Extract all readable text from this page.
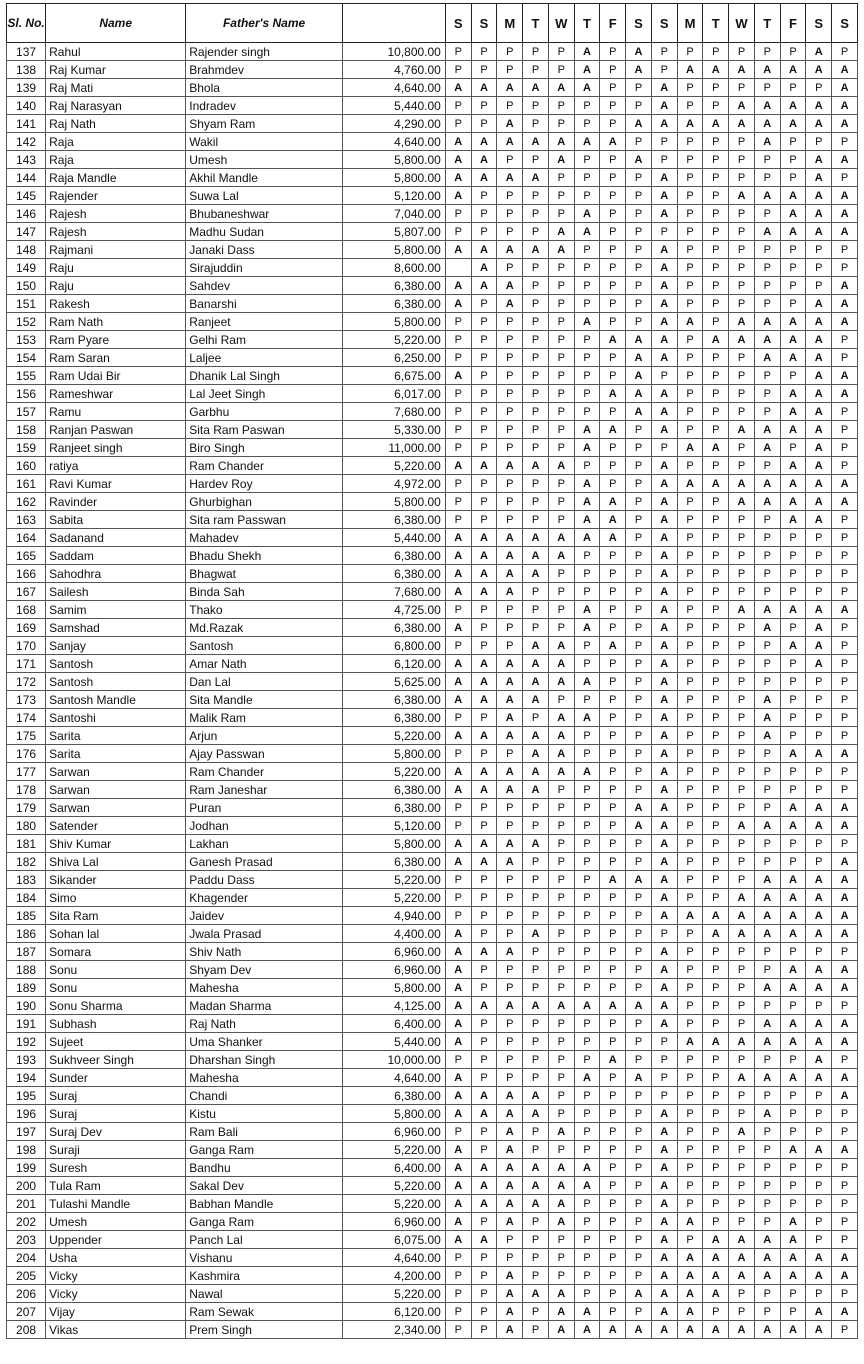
Sl. No.	Name	Father's Name		S	S	M	T	W	T	F	S	S	M	T	W	T	F	S	S
137	Rahul	Rajender singh	10,800.00	P	P	P	P	P	A	P	A	P	P	P	P	P	P	A	P
138	Raj Kumar	Brahmdev	4,760.00	P	P	P	P	P	A	P	A	P	A	A	A	A	A	A	A
139	Raj Mati	Bhola	4,640.00	A	A	A	A	A	A	P	P	A	P	P	P	P	P	P	A
140	Raj Narasyan	Indradev	5,440.00	P	P	P	P	P	P	P	P	A	P	P	A	A	A	A	A
141	Raj Nath	Shyam Ram	4,290.00	P	P	A	P	P	P	P	A	A	A	A	A	A	A	A	A
142	Raja	Wakil	4,640.00	A	A	A	A	A	A	A	P	P	P	P	P	A	P	P	P
143	Raja	Umesh	5,800.00	A	A	P	P	A	P	P	A	P	P	P	P	P	P	A	A
144	Raja Mandle	Akhil Mandle	5,800.00	A	A	A	A	P	P	P	P	A	P	P	P	P	P	A	P
145	Rajender	Suwa Lal	5,120.00	A	P	P	P	P	P	P	P	A	P	P	A	A	A	A	A
146	Rajesh	Bhubaneshwar	7,040.00	P	P	P	P	P	A	P	P	A	P	P	P	P	A	A	A
147	Rajesh	Madhu Sudan	5,807.00	P	P	P	P	A	A	P	P	P	P	P	P	A	A	A	A
148	Rajmani	Janaki Dass	5,800.00	A	A	A	A	A	P	P	P	A	P	P	P	P	P	P	P
149	Raju	Sirajuddin	8,600.00		A	P	P	P	P	P	P	A	P	P	P	P	P	P	P
150	Raju	Sahdev	6,380.00	A	A	A	P	P	P	P	P	A	P	P	P	P	P	P	A
151	Rakesh	Banarshi	6,380.00	A	P	A	P	P	P	P	P	A	P	P	P	P	P	A	A
152	Ram Nath	Ranjeet	5,800.00	P	P	P	P	P	A	P	P	A	A	P	A	A	A	A	A
153	Ram Pyare	Gelhi Ram	5,220.00	P	P	P	P	P	P	A	A	A	P	A	A	A	A	A	P
154	Ram Saran	Laljee	6,250.00	P	P	P	P	P	P	P	A	A	P	P	P	A	A	A	P
155	Ram Udai Bir	Dhanik Lal Singh	6,675.00	A	P	P	P	P	P	P	A	P	P	P	P	P	P	A	A
156	Rameshwar	Lal Jeet Singh	6,017.00	P	P	P	P	P	P	A	A	A	P	P	P	P	A	A	A
157	Ramu	Garbhu	7,680.00	P	P	P	P	P	P	P	A	A	P	P	P	P	A	A	P
158	Ranjan Paswan	Sita Ram Paswan	5,330.00	P	P	P	P	P	A	A	P	A	P	P	A	A	A	A	P
159	Ranjeet singh	Biro Singh	11,000.00	P	P	P	P	P	A	P	P	P	A	A	P	A	P	A	P
160	ratiya	Ram Chander	5,220.00	A	A	A	A	A	P	P	P	A	P	P	P	P	A	A	P
161	Ravi Kumar	Hardev Roy	4,972.00	P	P	P	P	P	A	P	P	A	A	A	A	A	A	A	A
162	Ravinder	Ghurbighan	5,800.00	P	P	P	P	P	A	A	P	A	P	P	A	A	A	A	A
163	Sabita	Sita ram Passwan	6,380.00	P	P	P	P	P	A	A	P	A	P	P	P	P	A	A	P
164	Sadanand	Mahadev	5,440.00	A	A	A	A	A	A	A	P	A	P	P	P	P	P	P	P
165	Saddam	Bhadu Shekh	6,380.00	A	A	A	A	A	P	P	P	A	P	P	P	P	P	P	P
166	Sahodhra	Bhagwat	6,380.00	A	A	A	A	P	P	P	P	A	P	P	P	P	P	P	P
167	Sailesh	Binda Sah	7,680.00	A	A	A	P	P	P	P	P	A	P	P	P	P	P	P	P
168	Samim	Thako	4,725.00	P	P	P	P	P	A	P	P	A	P	P	A	A	A	A	A
169	Samshad	Md.Razak	6,380.00	A	P	P	P	P	A	P	P	A	P	P	P	A	P	A	P
170	Sanjay	Santosh	6,800.00	P	P	P	A	A	P	A	P	A	P	P	P	P	A	A	P
171	Santosh	Amar Nath	6,120.00	A	A	A	A	A	P	P	P	A	P	P	P	P	P	A	P
172	Santosh	Dan Lal	5,625.00	A	A	A	A	A	A	P	P	A	P	P	P	P	P	P	P
173	Santosh Mandle	Sita Mandle	6,380.00	A	A	A	A	P	P	P	P	A	P	P	P	A	P	P	P
174	Santoshi	Malik Ram	6,380.00	P	P	A	P	A	A	P	P	A	P	P	P	A	P	P	P
175	Sarita	Arjun	5,220.00	A	A	A	A	A	P	P	P	A	P	P	P	A	P	P	P
176	Sarita	Ajay Passwan	5,800.00	P	P	P	A	A	P	P	P	A	P	P	P	P	A	A	A
177	Sarwan	Ram Chander	5,220.00	A	A	A	A	A	A	P	P	A	P	P	P	P	P	P	P
178	Sarwan	Ram Janeshar	6,380.00	A	A	A	A	P	P	P	P	A	P	P	P	P	P	P	P
179	Sarwan	Puran	6,380.00	P	P	P	P	P	P	P	A	A	P	P	P	P	A	A	A
180	Satender	Jodhan	5,120.00	P	P	P	P	P	P	P	A	A	P	P	A	A	A	A	A
181	Shiv Kumar	Lakhan	5,800.00	A	A	A	A	P	P	P	P	A	P	P	P	P	P	P	P
182	Shiva Lal	Ganesh Prasad	6,380.00	A	A	A	P	P	P	P	P	A	P	P	P	P	P	P	A
183	Sikander	Paddu Dass	5,220.00	P	P	P	P	P	P	A	A	A	P	P	P	A	A	A	A
184	Simo	Khagender	5,220.00	P	P	P	P	P	P	P	P	A	P	P	A	A	A	A	A
185	Sita Ram	Jaidev	4,940.00	P	P	P	P	P	P	P	P	A	A	A	A	A	A	A	A
186	Sohan lal	Jwala Prasad	4,400.00	A	P	P	A	P	P	P	P	P	P	A	A	A	A	A	A
187	Somara	Shiv Nath	6,960.00	A	A	A	P	P	P	P	P	A	P	P	P	P	P	P	P
188	Sonu	Shyam Dev	6,960.00	A	P	P	P	P	P	P	P	A	P	P	P	P	A	A	A
189	Sonu	Mahesha	5,800.00	A	P	P	P	P	P	P	P	A	P	P	P	A	A	A	A
190	Sonu Sharma	Madan Sharma	4,125.00	A	A	A	A	A	A	A	A	A	P	P	P	P	P	P	P
191	Subhash	Raj Nath	6,400.00	A	P	P	P	P	P	P	P	A	P	P	P	A	A	A	A
192	Sujeet	Uma Shanker	5,440.00	A	P	P	P	P	P	P	P	P	A	A	A	A	A	A	A
193	Sukhveer Singh	Dharshan Singh	10,000.00	P	P	P	P	P	P	A	P	P	P	P	P	P	P	A	P
194	Sunder	Mahesha	4,640.00	A	P	P	P	P	A	P	A	P	P	P	A	A	A	A	A
195	Suraj	Chandi	6,380.00	A	A	A	A	P	P	P	P	P	P	P	P	P	P	P	A
196	Suraj	Kistu	5,800.00	A	A	A	A	P	P	P	P	A	P	P	P	A	P	P	P
197	Suraj Dev	Ram Bali	6,960.00	P	P	A	P	A	P	P	P	A	P	P	A	P	P	P	P
198	Suraji	Ganga Ram	5,220.00	A	P	A	P	P	P	P	P	A	P	P	P	P	A	A	A
199	Suresh	Bandhu	6,400.00	A	A	A	A	A	A	P	P	A	P	P	P	P	P	P	P
200	Tula Ram	Sakal Dev	5,220.00	A	A	A	A	A	A	P	P	A	P	P	P	P	P	P	P
201	Tulashi Mandle	Babhan Mandle	5,220.00	A	A	A	A	A	P	P	P	A	P	P	P	P	P	P	P
202	Umesh	Ganga Ram	6,960.00	A	P	A	P	A	P	P	P	A	A	P	P	P	A	P	P
203	Uppender	Panch Lal	6,075.00	A	A	P	P	P	P	P	P	A	P	A	A	A	A	P	P
204	Usha	Vishanu	4,640.00	P	P	P	P	P	P	P	P	A	A	A	A	A	A	A	A
205	Vicky	Kashmira	4,200.00	P	P	A	P	P	P	P	P	A	A	A	A	A	A	A	A
206	Vicky	Nawal	5,220.00	P	P	A	A	A	P	P	A	A	A	A	P	P	P	P	P
207	Vijay	Ram Sewak	6,120.00	P	P	A	P	A	A	P	P	A	A	P	P	P	P	A	A
208	Vikas	Prem Singh	2,340.00	P	P	A	P	A	A	A	A	A	A	A	A	A	A	A	P
